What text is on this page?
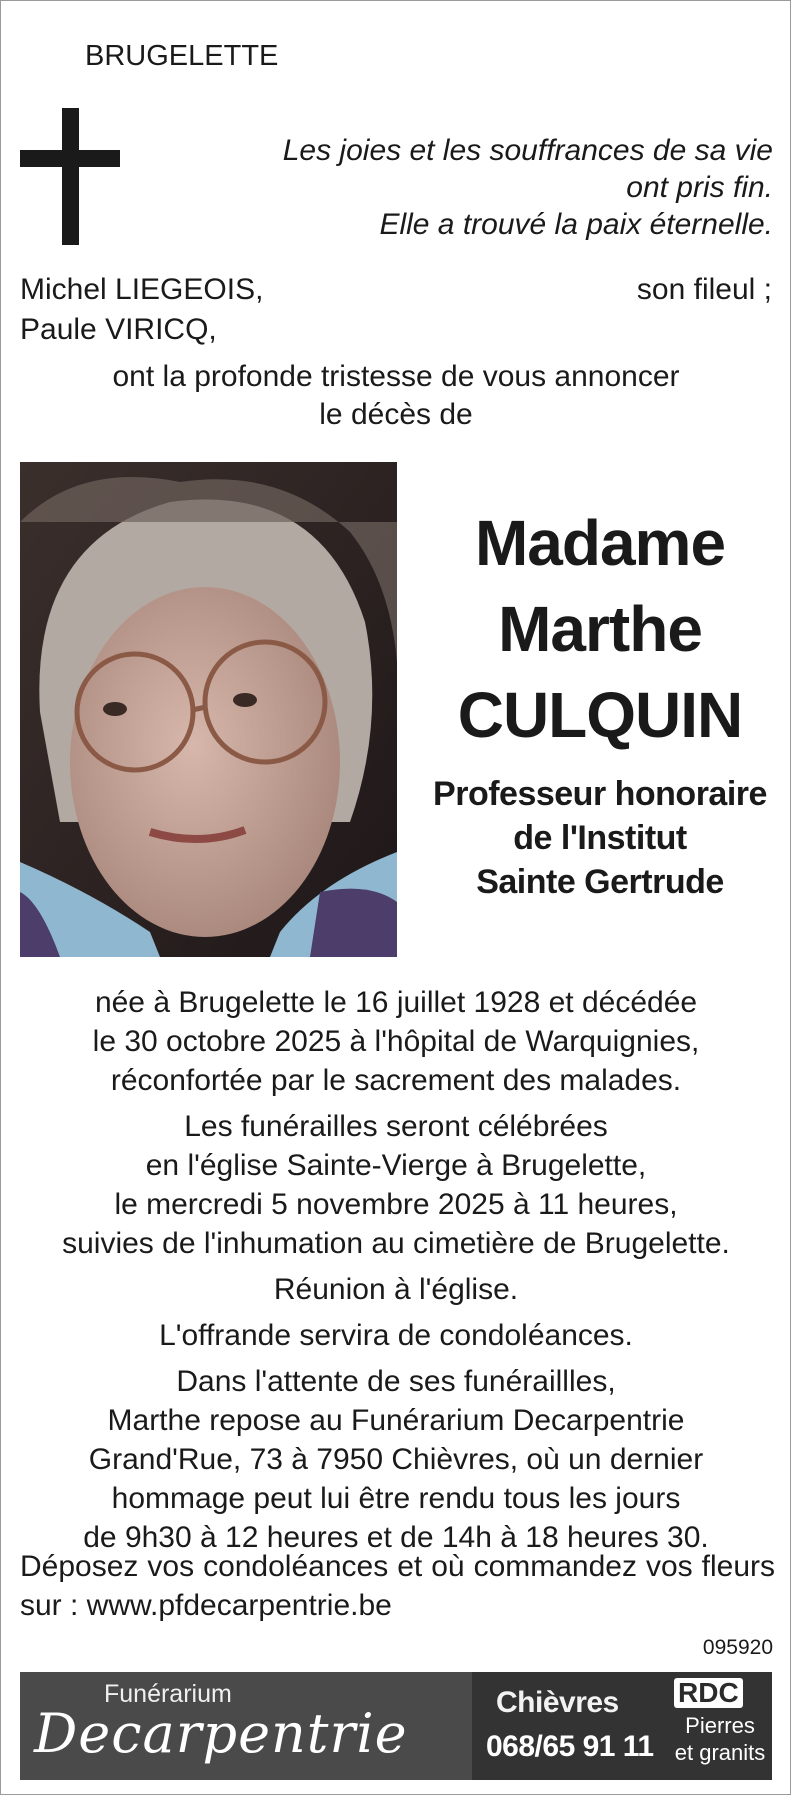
BRUGELETTE
Les joies et les souffrances de sa vie
ont pris fin.
Elle a trouvé la paix éternelle.
Michel LIEGEOIS,	son fileul ;
Paule VIRICQ,
ont la profonde tristesse de vous annoncer
le décès de
Madame
Marthe
CULQUIN
Professeur honoraire
de l'Institut
Sainte Gertrude

née à Brugelette le 16 juillet 1928 et décédée
le 30 octobre 2025 à l'hôpital de Warquignies,
réconfortée par le sacrement des malades.

Les funérailles seront célébrées
en l'église Sainte-Vierge à Brugelette,
le mercredi 5 novembre 2025 à 11 heures,
suivies de l'inhumation au cimetière de Brugelette.

Réunion à l'église.

L'offrande servira de condoléances.

Dans l'attente de ses funéraillles,
Marthe repose au Funérarium Decarpentrie
Grand'Rue, 73 à 7950 Chièvres, où un dernier
hommage peut lui être rendu tous les jours
de 9h30 à 12 heures et de 14h à 18 heures 30.

Déposez vos condoléances et où commandez vos fleurs sur : www.pfdecarpentrie.be
095920
Funérarium
Decarpentrie	Chièvres
068/65 91 11
RDC
Pierres
et granits
